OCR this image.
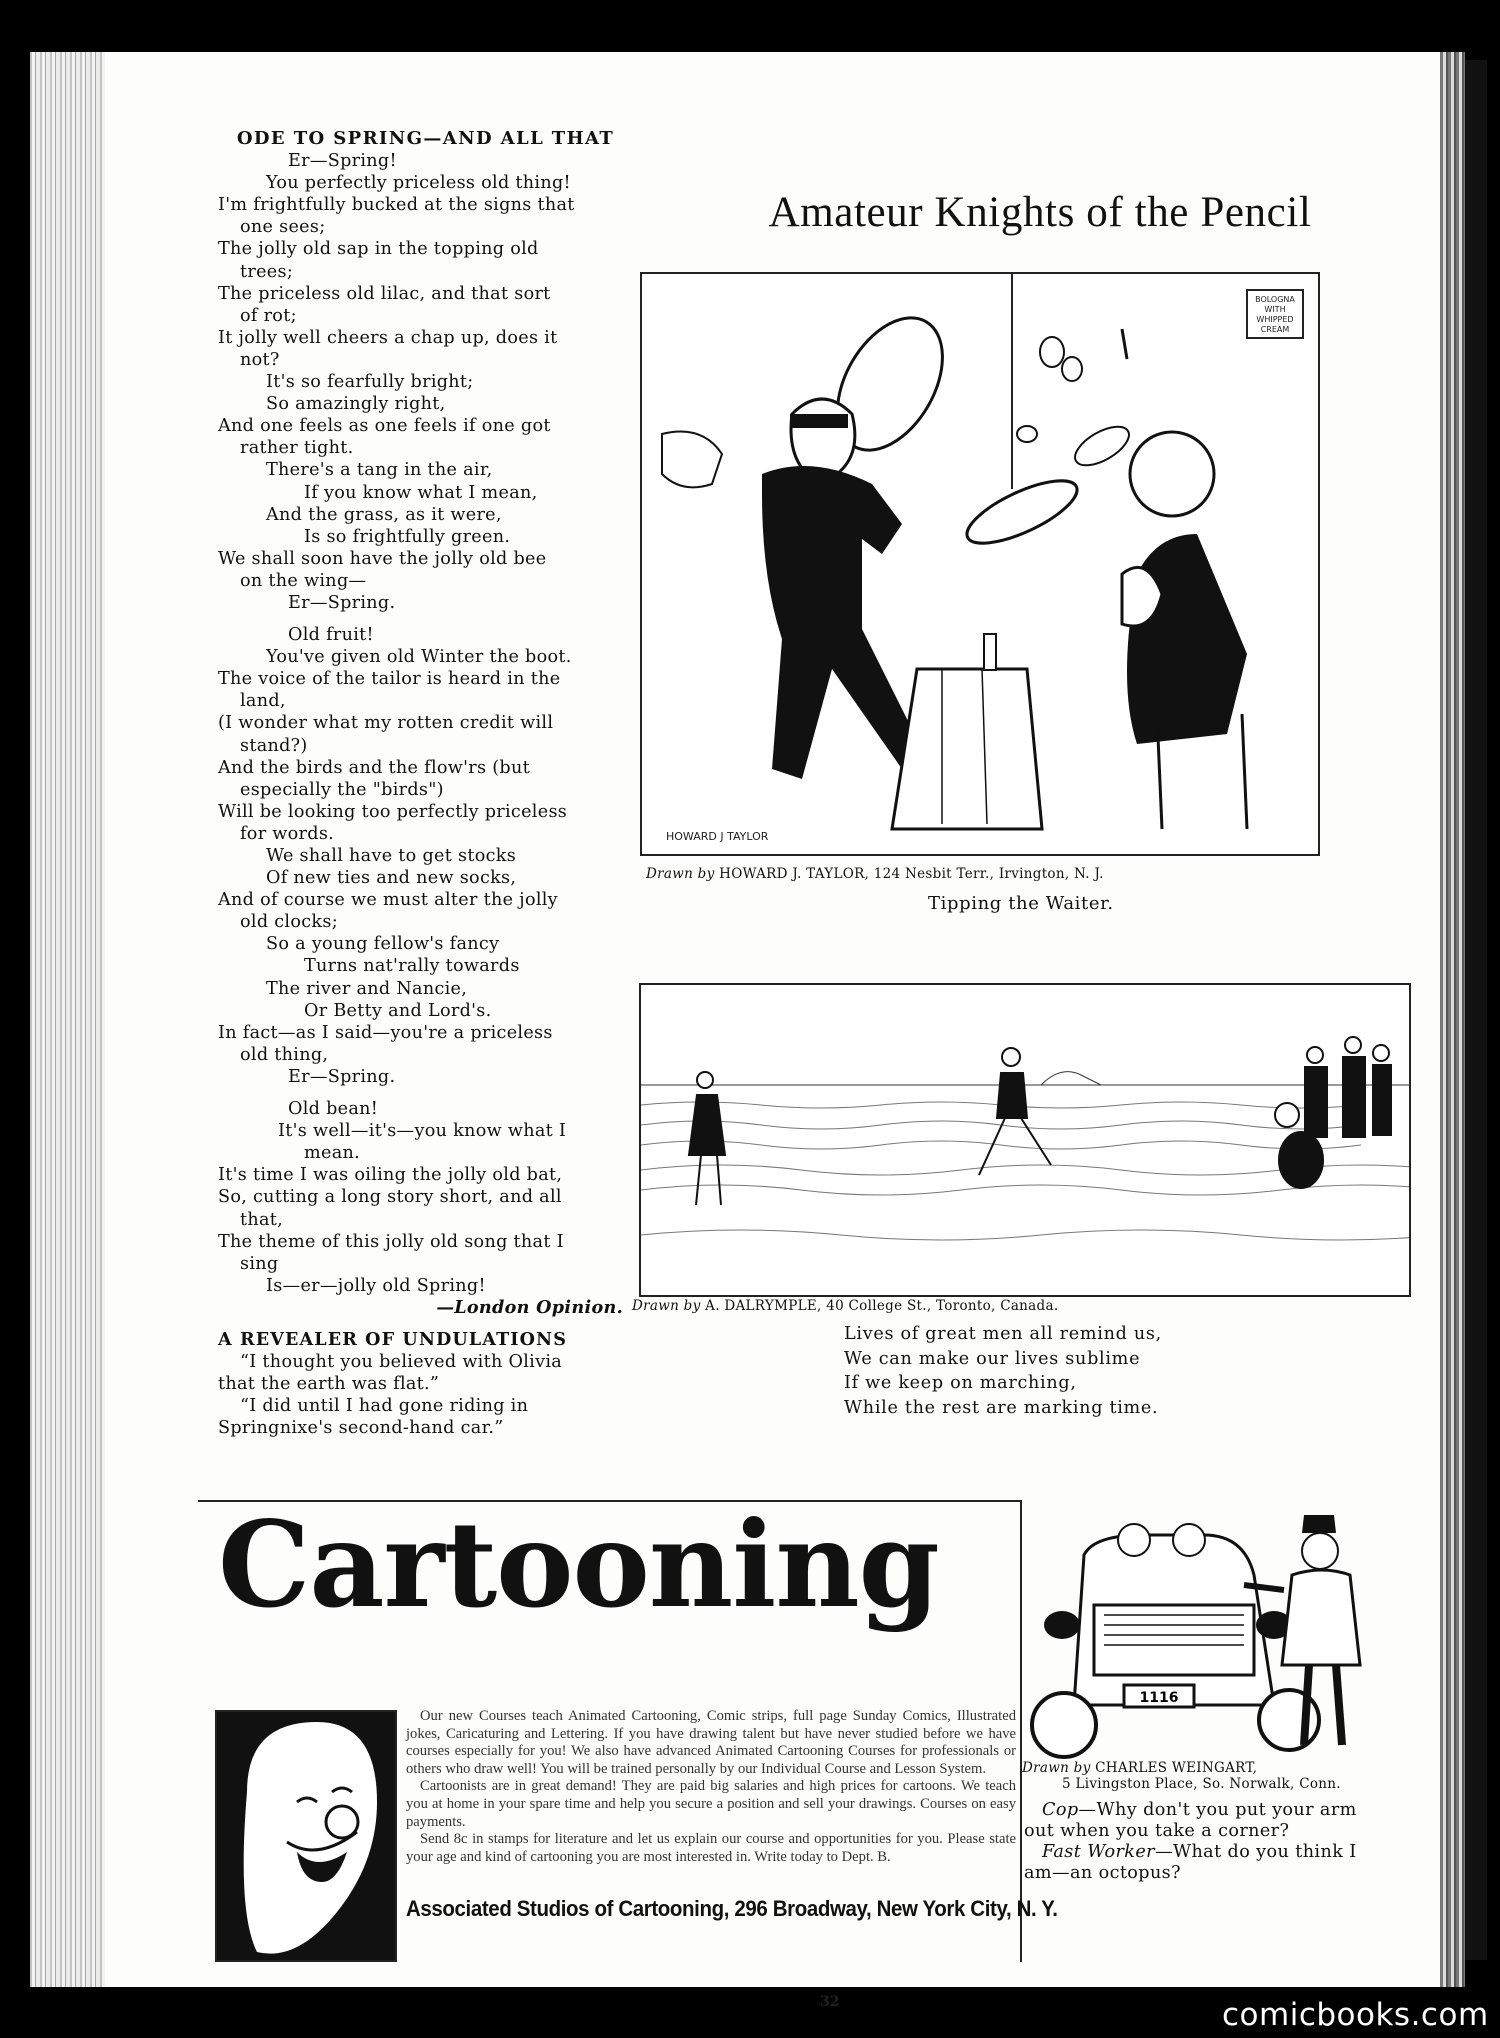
ODE TO SPRING—AND ALL THAT
Er—Spring!
You perfectly priceless old thing!
I'm frightfully bucked at the signs that
one sees;
The jolly old sap in the topping old
trees;
The priceless old lilac, and that sort
of rot;
It jolly well cheers a chap up, does it
not?
It's so fearfully bright;
So amazingly right,
And one feels as one feels if one got
rather tight.
There's a tang in the air,
If you know what I mean,
And the grass, as it were,
Is so frightfully green.
We shall soon have the jolly old bee
on the wing—
Er—Spring.
Old fruit!
You've given old Winter the boot.
The voice of the tailor is heard in the
land,
(I wonder what my rotten credit will
stand?)
And the birds and the flow'rs (but
especially the "birds")
Will be looking too perfectly priceless
for words.
We shall have to get stocks
Of new ties and new socks,
And of course we must alter the jolly
old clocks;
So a young fellow's fancy
Turns nat'rally towards
The river and Nancie,
Or Betty and Lord's.
In fact—as I said—you're a priceless
old thing,
Er—Spring.
Old bean!
It's well—it's—you know what I
mean.
It's time I was oiling the jolly old bat,
So, cutting a long story short, and all
that,
The theme of this jolly old song that I
sing
Is—er—jolly old Spring!
—London Opinion.
A REVEALER OF UNDULATIONS
“I thought you believed with Olivia
that the earth was flat.”
“I did until I had gone riding in
Springnixe's second-hand car.”
Amateur Knights of the Pencil
BOLOGNA WITH WHIPPED CREAM
HOWARD J TAYLOR
Drawn by HOWARD J. TAYLOR, 124 Nesbit Terr., Irvington, N. J.
Tipping the Waiter.
Drawn by A. DALRYMPLE, 40 College St., Toronto, Canada.
Lives of great men all remind us,
We can make our lives sublime
If we keep on marching,
While the rest are marking time.
Cartooning

Our new Courses teach Animated Cartooning, Comic strips, full page Sunday Comics, Illustrated jokes, Caricaturing and Lettering. If you have drawing talent but have never studied before we have courses especially for you! We also have advanced Animated Cartooning Courses for professionals or others who draw well! You will be trained personally by our Individual Course and Lesson System.

Cartoonists are in great demand! They are paid big salaries and high prices for cartoons. We teach you at home in your spare time and help you secure a position and sell your drawings. Courses on easy payments.

Send 8c in stamps for literature and let us explain our course and opportunities for you. Please state your age and kind of cartooning you are most interested in. Write today to Dept. B.

Associated Studios of Cartooning, 296 Broadway, New York City, N. Y.
1116
Drawn by CHARLES WEINGART,
5 Livingston Place, So. Norwalk, Conn.
Cop—Why don't you put your arm
out when you take a corner?
Fast Worker—What do you think I
am—an octopus?
32	comicbooks.com
